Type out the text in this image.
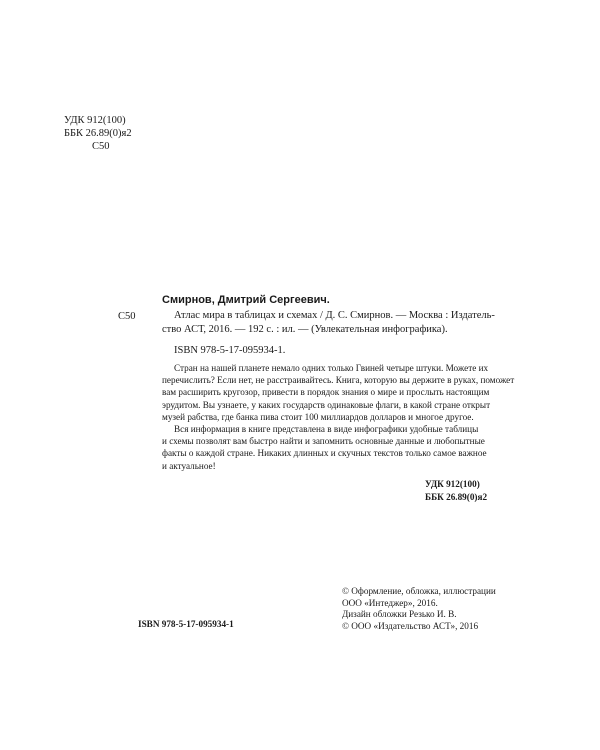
УДК 912(100)
ББК 26.89(0)я2
С50
Смирнов, Дмитрий Сергеевич.
С50	Атлас мира в таблицах и схемах / Д. С. Смирнов. — Москва : Издатель-
ство АСТ, 2016. — 192 с. : ил. — (Увлекательная инфографика).
ISBN 978-5-17-095934-1.
Стран на нашей планете немало одних только Гвиней четыре штуки. Можете их
перечислить? Если нет, не расстраивайтесь. Книга, которую вы держите в руках, поможет
вам расширить кругозор, привести в порядок знания о мире и прослыть настоящим
эрудитом. Вы узнаете, у каких государств одинаковые флаги, в какой стране открыт
музей рабства, где банка пива стоит 100 миллиардов долларов и многое другое.
Вся информация в книге представлена в виде инфографики удобные таблицы
и схемы позволят вам быстро найти и запомнить основные данные и любопытные
факты о каждой стране. Никаких длинных и скучных текстов только самое важное
и актуальное!
УДК 912(100)
ББК 26.89(0)я2
© Оформление, обложка, иллюстрации
ООО «Интеджер», 2016.
Дизайн обложки Резько И. В.
© ООО «Издательство АСТ», 2016
ISBN 978-5-17-095934-1
